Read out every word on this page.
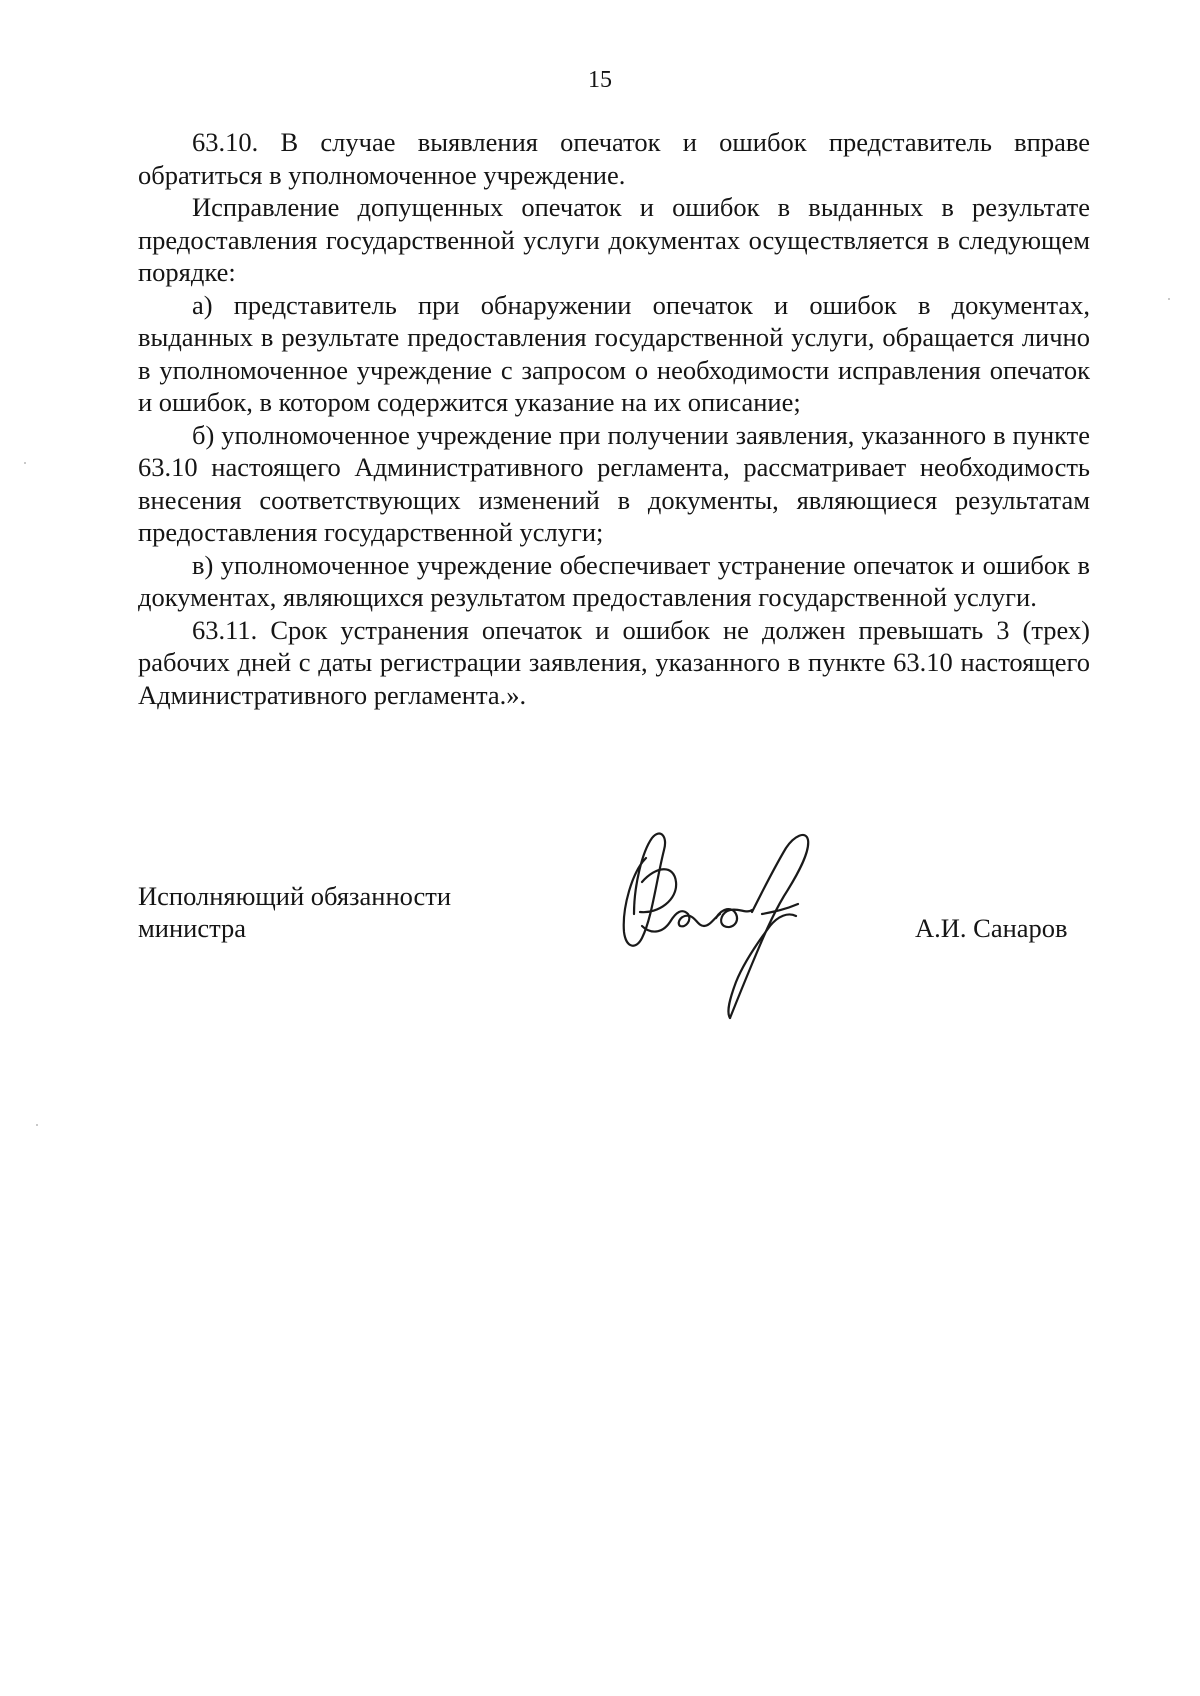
15

63.10. В случае выявления опечаток и ошибок представитель вправе обратиться в уполномоченное учреждение.

Исправление допущенных опечаток и ошибок в выданных в результате предоставления государственной услуги документах осуществляется в следующем порядке:

а) представитель при обнаружении опечаток и ошибок в документах, выданных в результате предоставления государственной услуги, обращается лично в уполномоченное учреждение с запросом о необходимости исправления опечаток и ошибок, в котором содержится указание на их описание;

б) уполномоченное учреждение при получении заявления, указанного в пункте 63.10 настоящего Административного регламента, рассматривает необходимость внесения соответствующих изменений в документы, являющиеся результатам предоставления государственной услуги;

в) уполномоченное учреждение обеспечивает устранение опечаток и ошибок в документах, являющихся результатом предоставления государственной услуги.

63.11. Срок устранения опечаток и ошибок не должен превышать 3 (трех) рабочих дней с даты регистрации заявления, указанного в пункте 63.10 настоящего Административного регламента.».

Исполняющий обязанности
министра	А.И. Санаров
